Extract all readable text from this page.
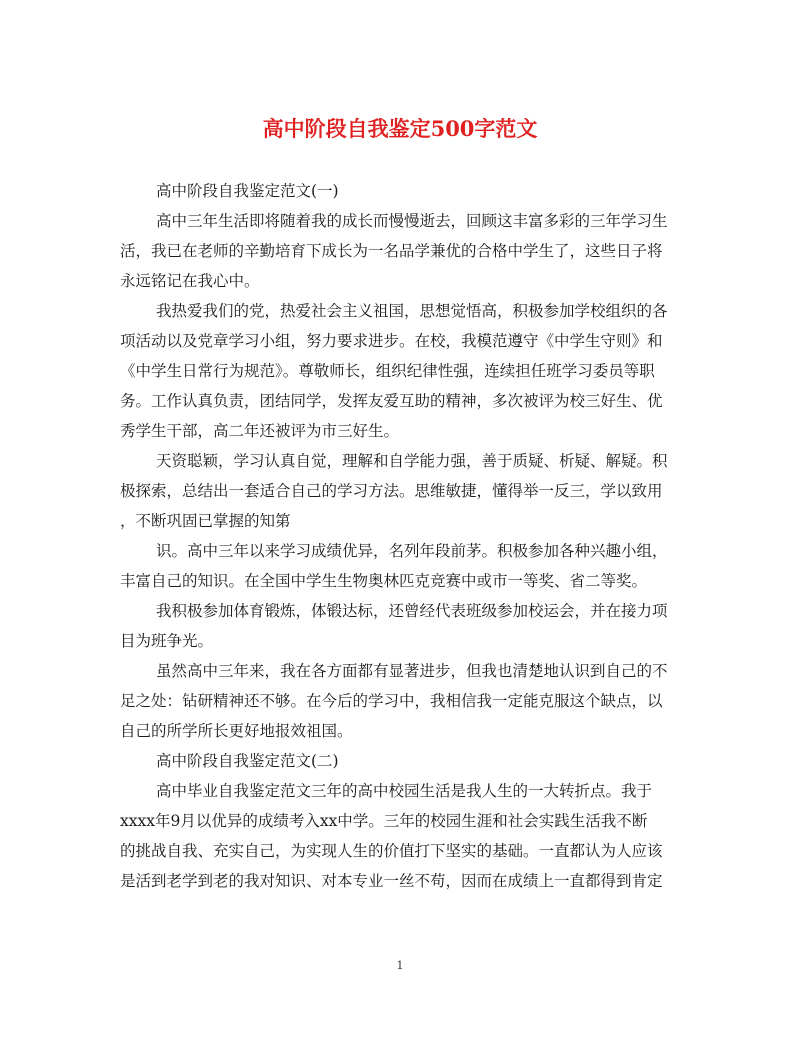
高中阶段自我鉴定500字范文

高中阶段自我鉴定范文(一)

高中三年生活即将随着我的成长而慢慢逝去，回顾这丰富多彩的三年学习生

活，我已在老师的辛勤培育下成长为一名品学兼优的合格中学生了，这些日子将

永远铭记在我心中。

我热爱我们的党，热爱社会主义祖国，思想觉悟高，积极参加学校组织的各

项活动以及党章学习小组，努力要求进步。在校，我模范遵守《中学生守则》和

《中学生日常行为规范》。尊敬师长，组织纪律性强，连续担任班学习委员等职

务。工作认真负责，团结同学，发挥友爱互助的精神，多次被评为校三好生、优

秀学生干部，高二年还被评为市三好生。

天资聪颖，学习认真自觉，理解和自学能力强，善于质疑、析疑、解疑。积

极探索，总结出一套适合自己的学习方法。思维敏捷，懂得举一反三，学以致用

，不断巩固已掌握的知第

识。高中三年以来学习成绩优异，名列年段前茅。积极参加各种兴趣小组，

丰富自己的知识。在全国中学生生物奥林匹克竞赛中或市一等奖、省二等奖。

我积极参加体育锻炼，体锻达标，还曾经代表班级参加校运会，并在接力项

目为班争光。

虽然高中三年来，我在各方面都有显著进步，但我也清楚地认识到自己的不

足之处：钻研精神还不够。在今后的学习中，我相信我一定能克服这个缺点，以

自己的所学所长更好地报效祖国。

高中阶段自我鉴定范文(二)

高中毕业自我鉴定范文三年的高中校园生活是我人生的一大转折点。我于

xxxx年9月以优异的成绩考入xx中学。三年的校园生涯和社会实践生活我不断

的挑战自我、充实自己，为实现人生的价值打下坚实的基础。一直都认为人应该

是活到老学到老的我对知识、对本专业一丝不苟，因而在成绩上一直都得到肯定

1
